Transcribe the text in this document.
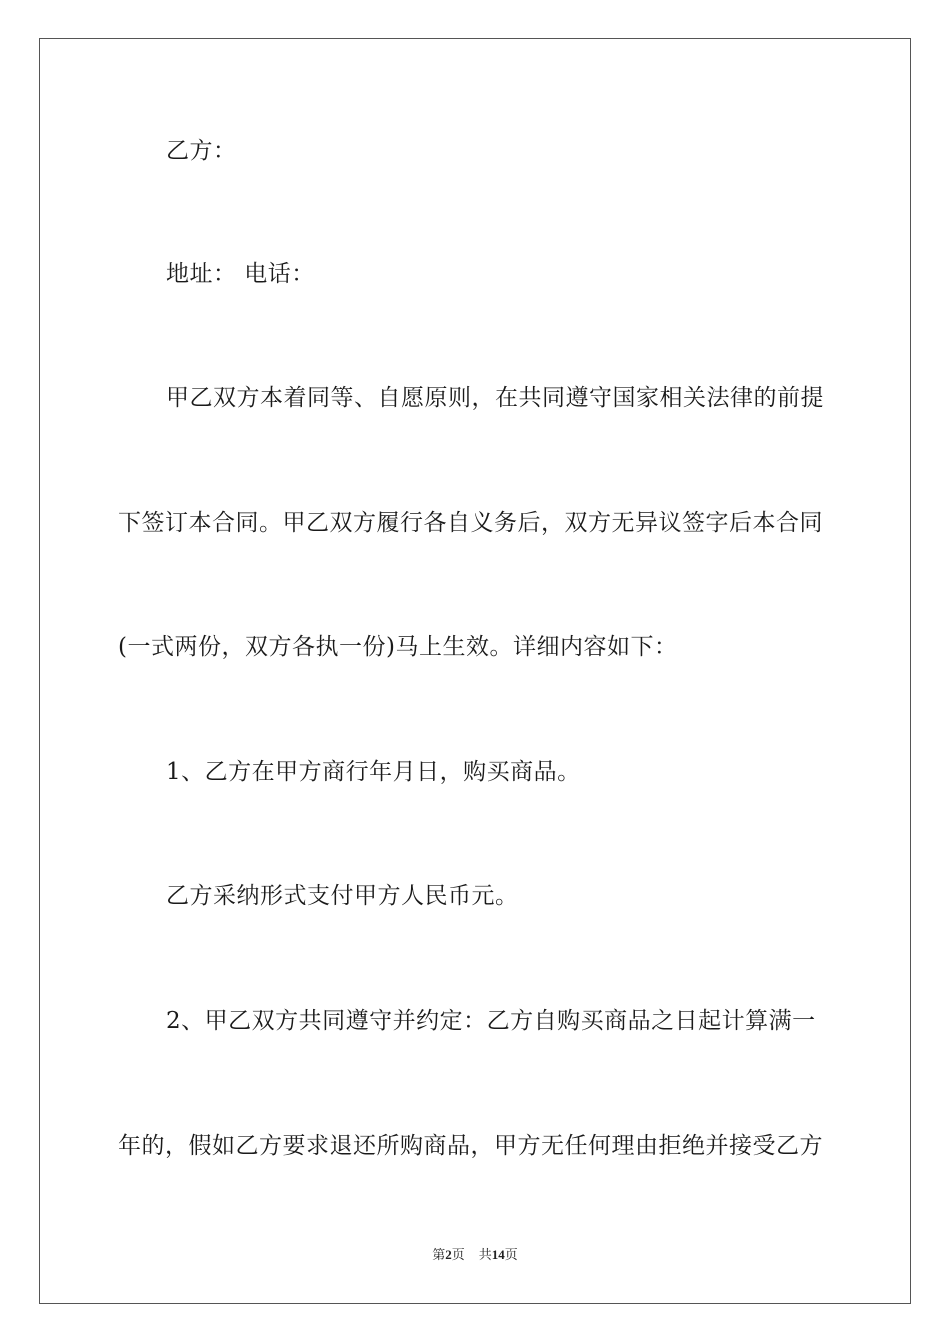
乙方：
地址： 电话：
甲乙双方本着同等、自愿原则，在共同遵守国家相关法律的前提
下签订本合同。甲乙双方履行各自义务后，双方无异议签字后本合同
(一式两份，双方各执一份)马上生效。详细内容如下：
1、乙方在甲方商行年月日，购买商品。
乙方采纳形式支付甲方人民币元。
2、甲乙双方共同遵守并约定：乙方自购买商品之日起计算满一
年的，假如乙方要求退还所购商品，甲方无任何理由拒绝并接受乙方
第2页 共14页
